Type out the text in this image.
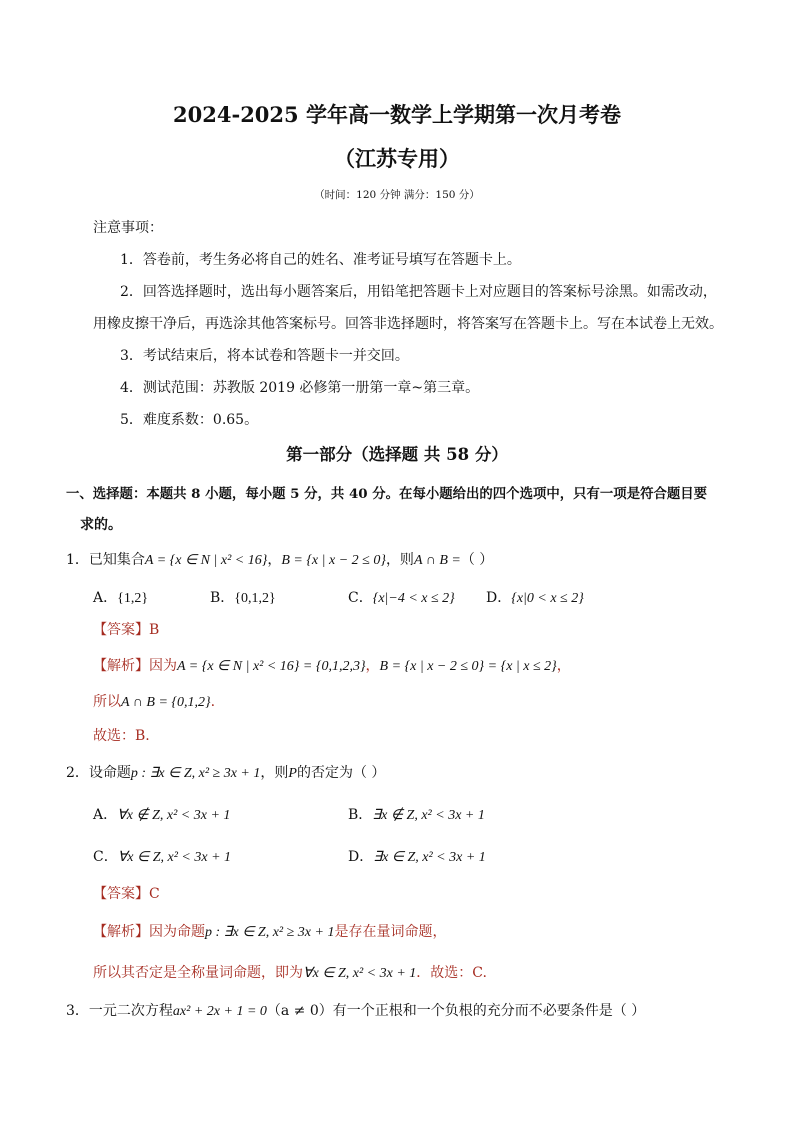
2024-2025 学年高一数学上学期第一次月考卷
（江苏专用）
（时间：120 分钟 满分：150 分）
注意事项：
1．答卷前，考生务必将自己的姓名、准考证号填写在答题卡上。
2．回答选择题时，选出每小题答案后，用铅笔把答题卡上对应题目的答案标号涂黑。如需改动，
用橡皮擦干净后，再选涂其他答案标号。回答非选择题时，将答案写在答题卡上。写在本试卷上无效。
3．考试结束后，将本试卷和答题卡一并交回。
4．测试范围：苏教版 2019 必修第一册第一章~第三章。
5．难度系数：0.65。
第一部分（选择题 共 58 分）
一、选择题：本题共 8 小题，每小题 5 分，共 40 分。在每小题给出的四个选项中，只有一项是符合题目要
求的。
1．已知集合A = {x ∈ N | x² < 16}，B = {x | x − 2 ≤ 0}，则A ∩ B =（ ）
A．{1,2}	B．{0,1,2}	C．{x|−4 < x ≤ 2} D．{x|0 < x ≤ 2}
【答案】B
【解析】因为A = {x ∈ N | x² < 16} = {0,1,2,3}，B = {x | x − 2 ≤ 0} = {x | x ≤ 2}，
所以A ∩ B = {0,1,2}.
故选：B.
2．设命题p : ∃x ∈ Z, x² ≥ 3x + 1，则P的否定为（ ）
A．∀x ∉ Z, x² < 3x + 1	B．∃x ∉ Z, x² < 3x + 1
C．∀x ∈ Z, x² < 3x + 1	D．∃x ∈ Z, x² < 3x + 1
【答案】C
【解析】因为命题p : ∃x ∈ Z, x² ≥ 3x + 1是存在量词命题，
所以其否定是全称量词命题，即为∀x ∈ Z, x² < 3x + 1．故选：C.
3．一元二次方程ax² + 2x + 1 = 0（a ≠ 0）有一个正根和一个负根的充分而不必要条件是（ ）
